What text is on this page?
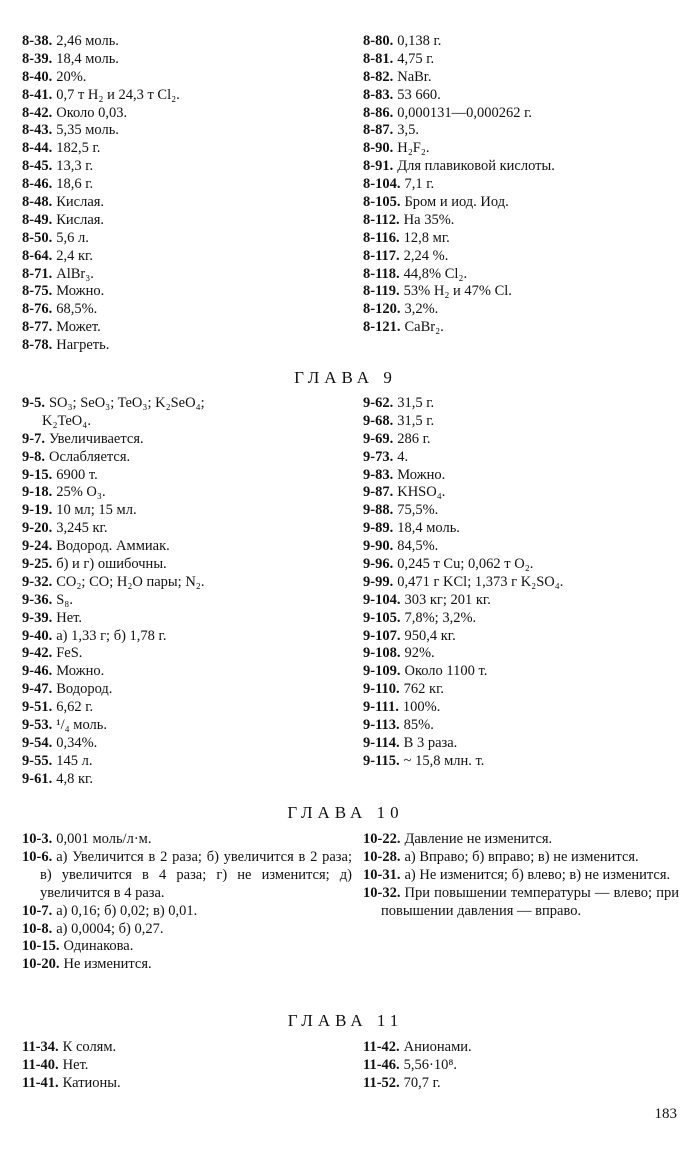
8-38. 2,46 моль.
8-39. 18,4 моль.
8-40. 20%.
8-41. 0,7 т H₂ и 24,3 т Cl₂.
8-42. Около 0,03.
8-43. 5,35 моль.
8-44. 182,5 г.
8-45. 13,3 г.
8-46. 18,6 г.
8-48. Кислая.
8-49. Кислая.
8-50. 5,6 л.
8-64. 2,4 кг.
8-71. AlBr₃.
8-75. Можно.
8-76. 68,5%.
8-77. Может.
8-78. Нагреть.
8-80. 0,138 г.
8-81. 4,75 г.
8-82. NaBr.
8-83. 53 660.
8-86. 0,000131—0,000262 г.
8-87. 3,5.
8-90. H₂F₂.
8-91. Для плавиковой кислоты.
8-104. 7,1 г.
8-105. Бром и иод. Иод.
8-112. На 35%.
8-116. 12,8 мг.
8-117. 2,24 %.
8-118. 44,8% Cl₂.
8-119. 53% H₂ и 47% Cl.
8-120. 3,2%.
8-121. CaBr₂.
ГЛАВА 9
9-5. SO₃; SeO₃; TeO₃; K₂SeO₄;
K₂TeO₄.
9-7. Увеличивается.
9-8. Ослабляется.
9-15. 6900 т.
9-18. 25% O₃.
9-19. 10 мл; 15 мл.
9-20. 3,245 кг.
9-24. Водород. Аммиак.
9-25. б) и г) ошибочны.
9-32. CO₂; CO; H₂O пары; N₂.
9-36. S₈.
9-39. Нет.
9-40. а) 1,33 г; б) 1,78 г.
9-42. FeS.
9-46. Можно.
9-47. Водород.
9-51. 6,62 г.
9-53. ¹/₄ моль.
9-54. 0,34%.
9-55. 145 л.
9-61. 4,8 кг.
9-62. 31,5 г.
9-68. 31,5 г.
9-69. 286 г.
9-73. 4.
9-83. Можно.
9-87. KHSO₄.
9-88. 75,5%.
9-89. 18,4 моль.
9-90. 84,5%.
9-96. 0,245 т Cu; 0,062 т O₂.
9-99. 0,471 г KCl; 1,373 г K₂SO₄.
9-104. 303 кг; 201 кг.
9-105. 7,8%; 3,2%.
9-107. 950,4 кг.
9-108. 92%.
9-109. Около 1100 т.
9-110. 762 кг.
9-111. 100%.
9-113. 85%.
9-114. В 3 раза.
9-115. ~ 15,8 млн. т.
ГЛАВА 10
10-3. 0,001 моль/л·м.
10-6. а) Увеличится в 2 раза; б) увеличится в 2 раза; в) увеличится в 4 раза; г) не изменится; д) увеличится в 4 раза.
10-7. а) 0,16; б) 0,02; в) 0,01.
10-8. а) 0,0004; б) 0,27.
10-15. Одинакова.
10-20. Не изменится.
10-22. Давление не изменится.
10-28. а) Вправо; б) вправо; в) не изменится.
10-31. а) Не изменится; б) влево; в) не изменится.
10-32. При повышении температуры — влево; при повышении давления — вправо.
ГЛАВА 11
11-34. К солям.
11-40. Нет.
11-41. Катионы.
11-42. Анионами.
11-46. 5,56·10⁸.
11-52. 70,7 г.
183
